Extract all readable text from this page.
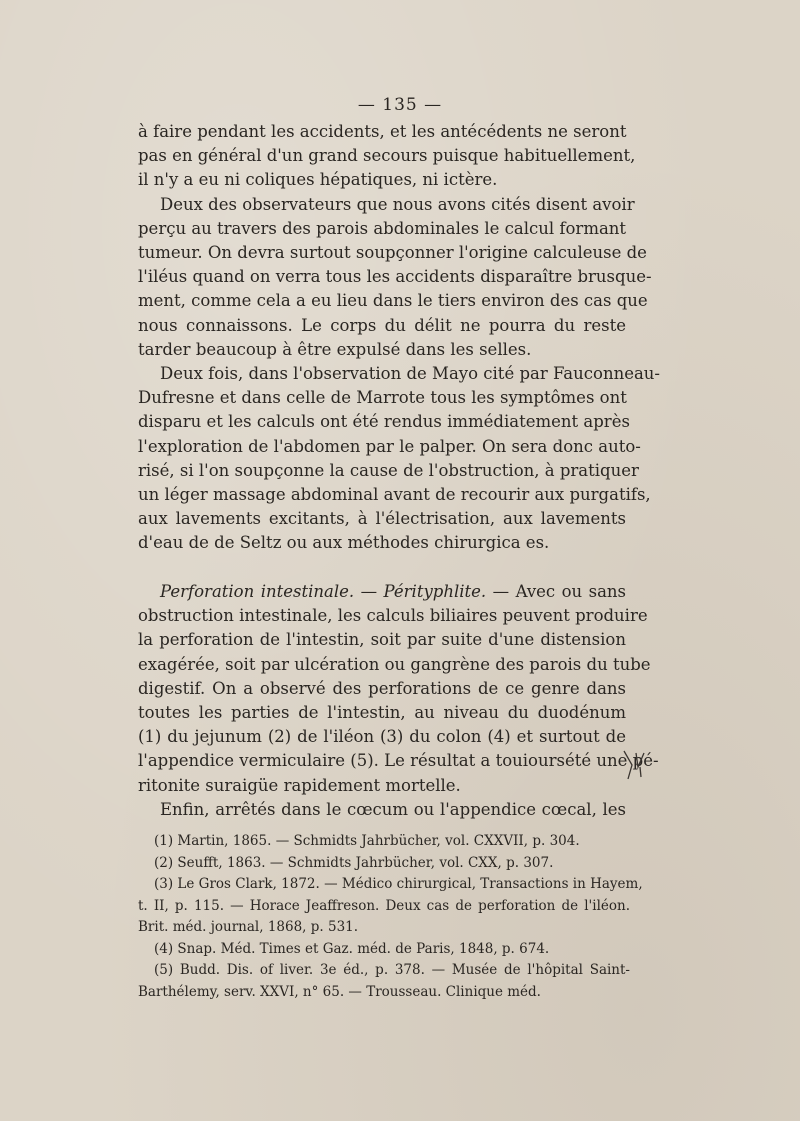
— 135 —
à faire pendant les accidents, et les antécédents ne seront
pas en général d'un grand secours puisque habituellement,
il n'y a eu ni coliques hépatiques, ni ictère.
Deux des observateurs que nous avons cités disent avoir
perçu au travers des parois abdominales le calcul formant
tumeur. On devra surtout soupçonner l'origine calculeuse de
l'iléus quand on verra tous les accidents disparaître brusque-
ment, comme cela a eu lieu dans le tiers environ des cas que
nous connaissons. Le corps du délit ne pourra du reste
tarder beaucoup à être expulsé dans les selles.
Deux fois, dans l'observation de Mayo cité par Fauconneau-
Dufresne et dans celle de Marrote tous les symptômes ont
disparu et les calculs ont été rendus immédiatement après
l'exploration de l'abdomen par le palper. On sera donc auto-
risé, si l'on soupçonne la cause de l'obstruction, à pratiquer
un léger massage abdominal avant de recourir aux purgatifs,
aux lavements excitants, à l'électrisation, aux lavements
d'eau de de Seltz ou aux méthodes chirurgica es.
Perforation intestinale. — Pérityphlite. — Avec ou sans
obstruction intestinale, les calculs biliaires peuvent produire
la perforation de l'intestin, soit par suite d'une distension
exagérée, soit par ulcération ou gangrène des parois du tube
digestif. On a observé des perforations de ce genre dans
toutes les parties de l'intestin, au niveau du duodénum
(1) du jejunum (2) de l'iléon (3) du colon (4) et surtout de
l'appendice vermiculaire (5). Le résultat a touioursété une pé-
ritonite suraigüe rapidement mortelle.
Enfin, arrêtés dans le cœcum ou l'appendice cœcal, les
(1) Martin, 1865. — Schmidts Jahrbücher, vol. CXXVII, p. 304.
(2) Seufft, 1863. — Schmidts Jahrbücher, vol. CXX, p. 307.
(3) Le Gros Clark, 1872. — Médico chirurgical, Transactions in Hayem,
t. II, p. 115. — Horace Jeaffreson. Deux cas de perforation de l'iléon.
Brit. méd. journal, 1868, p. 531.
(4) Snap. Méd. Times et Gaz. méd. de Paris, 1848, p. 674.
(5) Budd. Dis. of liver. 3e éd., p. 378. — Musée de l'hôpital Saint-
Barthélemy, serv. XXVI, n° 65. — Trousseau. Clinique méd.
